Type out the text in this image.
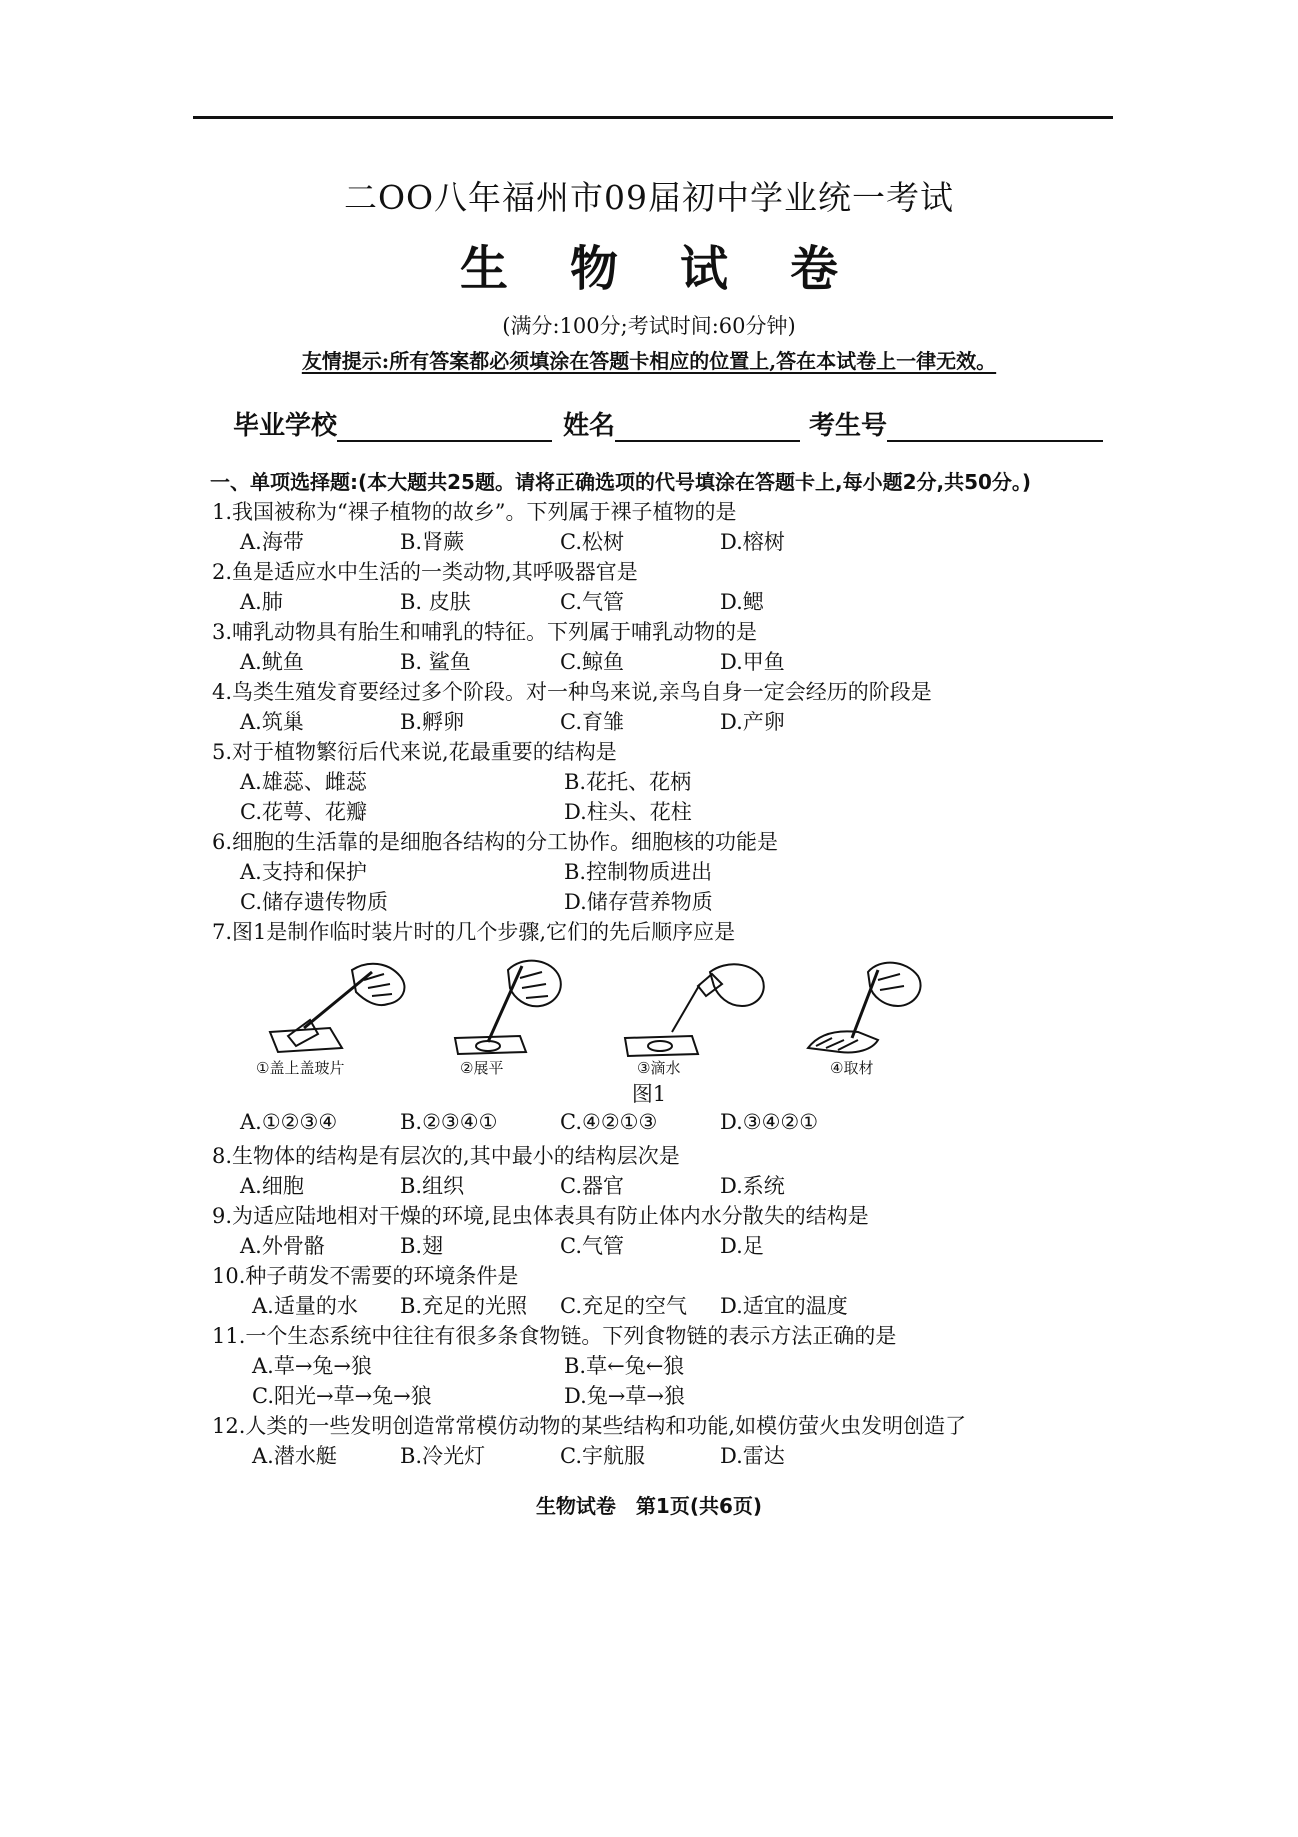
二OO八年福州市09届初中学业统一考试
生物试卷
(满分:100分;考试时间:60分钟)
友情提示:所有答案都必须填涂在答题卡相应的位置上,答在本试卷上一律无效。
毕业学校	姓名	考生号
一、单项选择题:(本大题共25题。请将正确选项的代号填涂在答题卡上,每小题2分,共50分。)
1.我国被称为“裸子植物的故乡”。下列属于裸子植物的是
A.海带	B.肾蕨	C.松树	D.榕树
2.鱼是适应水中生活的一类动物,其呼吸器官是
A.肺	B. 皮肤	C.气管	D.鳃
3.哺乳动物具有胎生和哺乳的特征。下列属于哺乳动物的是
A.鱿鱼	B. 鲨鱼	C.鲸鱼	D.甲鱼
4.鸟类生殖发育要经过多个阶段。对一种鸟来说,亲鸟自身一定会经历的阶段是
A.筑巢	B.孵卵	C.育雏	D.产卵
5.对于植物繁衍后代来说,花最重要的结构是
A.雄蕊、雌蕊	B.花托、花柄
C.花萼、花瓣	D.柱头、花柱
6.细胞的生活靠的是细胞各结构的分工协作。细胞核的功能是
A.支持和保护	B.控制物质进出
C.储存遗传物质	D.储存营养物质
7.图1是制作临时装片时的几个步骤,它们的先后顺序应是
①盖上盖玻片	②展平	③滴水	④取材
图1
A.①②③④	B.②③④①	C.④②①③	D.③④②①
8.生物体的结构是有层次的,其中最小的结构层次是
A.细胞	B.组织	C.器官	D.系统
9.为适应陆地相对干燥的环境,昆虫体表具有防止体内水分散失的结构是
A.外骨骼	B.翅	C.气管	D.足
10.种子萌发不需要的环境条件是
A.适量的水 B.充足的光照 C.充足的空气 D.适宜的温度
11.一个生态系统中往往有很多条食物链。下列食物链的表示方法正确的是
A.草→兔→狼	B.草←兔←狼
C.阳光→草→兔→狼	D.兔→草→狼
12.人类的一些发明创造常常模仿动物的某些结构和功能,如模仿萤火虫发明创造了
A.潜水艇	B.冷光灯	C.宇航服	D.雷达
生物试卷　第1页(共6页)
